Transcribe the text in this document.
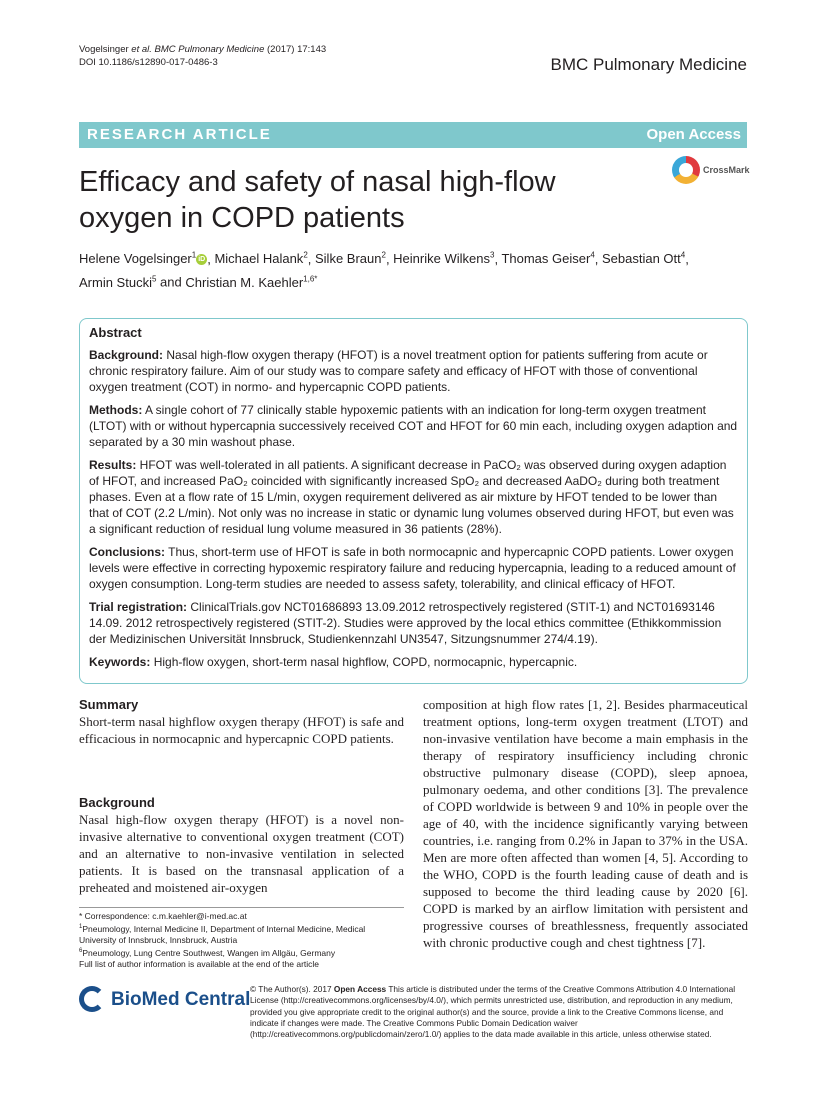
Vogelsinger et al. BMC Pulmonary Medicine (2017) 17:143
DOI 10.1186/s12890-017-0486-3	BMC Pulmonary Medicine
RESEARCH ARTICLE	Open Access
Efficacy and safety of nasal high-flow
oxygen in COPD patients
CrossMark
Helene Vogelsinger$^1$ iD , Michael Halank$^2$, Silke Braun$^2$, Heinrike Wilkens$^3$, Thomas Geiser$^4$, Sebastian Ott$^4$,
Armin Stucki$^5$ and Christian M. Kaehler$^{1,6*}$
Abstract
Background: Nasal high-flow oxygen therapy (HFOT) is a novel treatment option for patients suffering from acute or chronic respiratory failure. Aim of our study was to compare safety and efficacy of HFOT with those of conventional oxygen treatment (COT) in normo- and hypercapnic COPD patients.
Methods: A single cohort of 77 clinically stable hypoxemic patients with an indication for long-term oxygen treatment (LTOT) with or without hypercapnia successively received COT and HFOT for 60 min each, including oxygen adaption and separated by a 30 min washout phase.
Results: HFOT was well-tolerated in all patients. A significant decrease in PaCO₂ was observed during oxygen adaption of HFOT, and increased PaO₂ coincided with significantly increased SpO₂ and decreased AaDO₂ during both treatment phases. Even at a flow rate of 15 L/min, oxygen requirement delivered as air mixture by HFOT tended to be lower than that of COT (2.2 L/min). Not only was no increase in static or dynamic lung volumes observed during HFOT, but even was a significant reduction of residual lung volume measured in 36 patients (28%).
Conclusions: Thus, short-term use of HFOT is safe in both normocapnic and hypercapnic COPD patients. Lower oxygen levels were effective in correcting hypoxemic respiratory failure and reducing hypercapnia, leading to a reduced amount of oxygen consumption. Long-term studies are needed to assess safety, tolerability, and clinical efficacy of HFOT.
Trial registration: ClinicalTrials.gov NCT01686893 13.09.2012 retrospectively registered (STIT-1) and NCT01693146 14.09. 2012 retrospectively registered (STIT-2). Studies were approved by the local ethics committee (Ethikkommission der Medizinischen Universität Innsbruck, Studienkennzahl UN3547, Sitzungsnummer 274/4.19).
Keywords: High-flow oxygen, short-term nasal highflow, COPD, normocapnic, hypercapnic.
Summary
Short-term nasal highflow oxygen therapy (HFOT) is safe and efficacious in normocapnic and hypercapnic COPD patients.
Background
Nasal high-flow oxygen therapy (HFOT) is a novel non-invasive alternative to conventional oxygen treatment (COT) and an alternative to non-invasive ventilation in selected patients. It is based on the transnasal application of a preheated and moistened air-oxygen
composition at high flow rates [1, 2]. Besides pharmaceutical treatment options, long-term oxygen treatment (LTOT) and non-invasive ventilation have become a main emphasis in the therapy of respiratory insufficiency including chronic obstructive pulmonary disease (COPD), sleep apnoea, pulmonary oedema, and other conditions [3]. The prevalence of COPD worldwide is between 9 and 10% in people over the age of 40, with the incidence significantly varying between countries, i.e. ranging from 0.2% in Japan to 37% in the USA. Men are more often affected than women [4, 5]. According to the WHO, COPD is the fourth leading cause of death and is supposed to become the third leading cause by 2020 [6]. COPD is marked by an airflow limitation with persistent and progressive courses of breathlessness, frequently associated with chronic productive cough and chest tightness [7].
* Correspondence: c.m.kaehler@i-med.ac.at
$^1$Pneumology, Internal Medicine II, Department of Internal Medicine, Medical University of Innsbruck, Innsbruck, Austria
$^6$Pneumology, Lung Centre Southwest, Wangen im Allgäu, Germany
Full list of author information is available at the end of the article
BioMed Central © The Author(s). 2017 Open Access This article is distributed under the terms of the Creative Commons Attribution 4.0 International License (http://creativecommons.org/licenses/by/4.0/), which permits unrestricted use, distribution, and reproduction in any medium, provided you give appropriate credit to the original author(s) and the source, provide a link to the Creative Commons license, and indicate if changes were made. The Creative Commons Public Domain Dedication waiver (http://creativecommons.org/publicdomain/zero/1.0/) applies to the data made available in this article, unless otherwise stated.
